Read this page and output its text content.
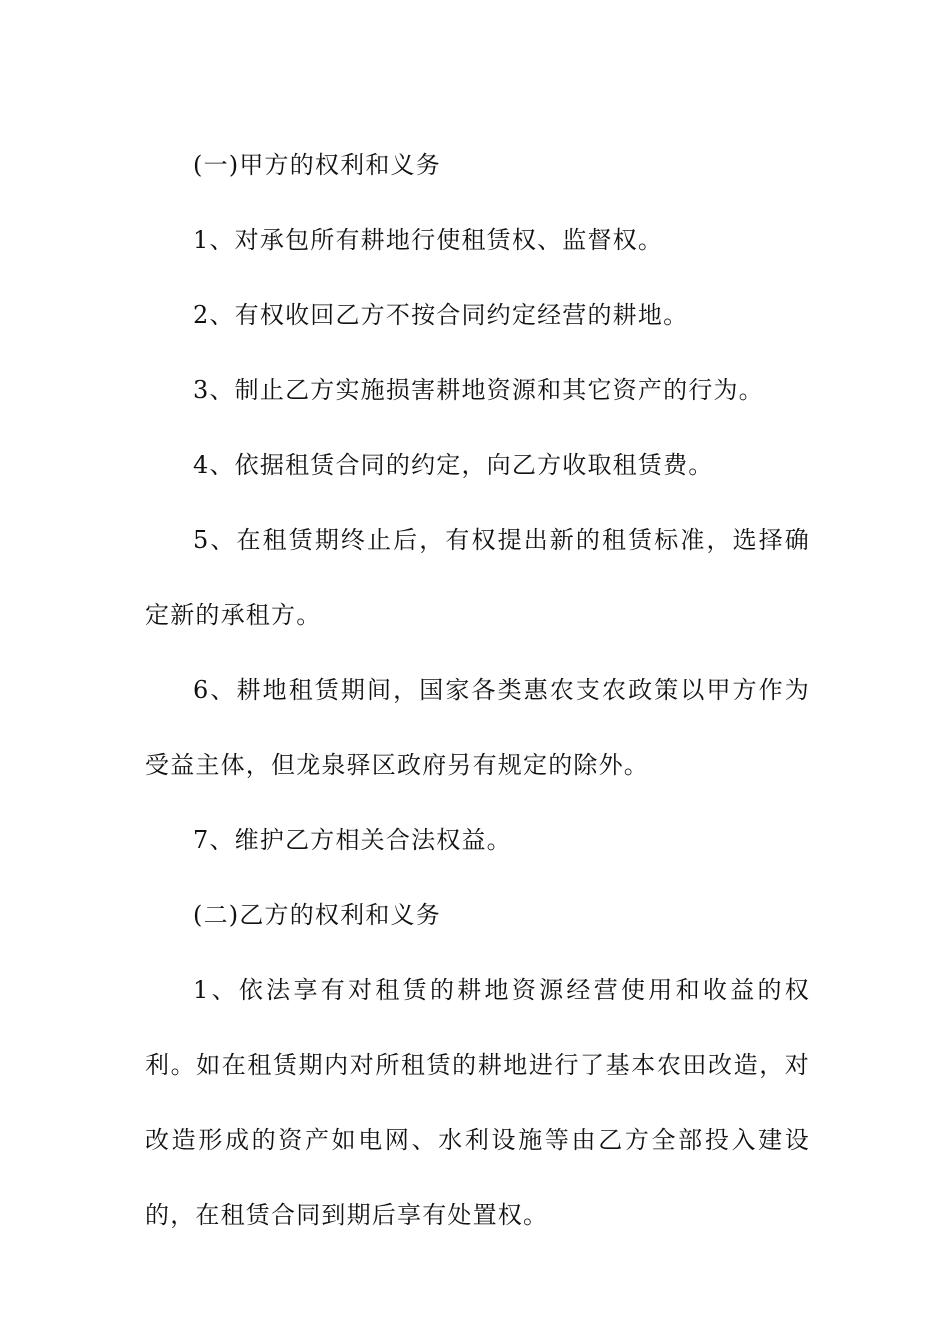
(一)甲方的权利和义务

1、对承包所有耕地行使租赁权、监督权。

2、有权收回乙方不按合同约定经营的耕地。

3、制止乙方实施损害耕地资源和其它资产的行为。

4、依据租赁合同的约定，向乙方收取租赁费。

5、在租赁期终止后，有权提出新的租赁标准，选择确定新的承租方。

6、耕地租赁期间，国家各类惠农支农政策以甲方作为受益主体，但龙泉驿区政府另有规定的除外。

7、维护乙方相关合法权益。

(二)乙方的权利和义务

1、依法享有对租赁的耕地资源经营使用和收益的权利。如在租赁期内对所租赁的耕地进行了基本农田改造，对改造形成的资产如电网、水利设施等由乙方全部投入建设的，在租赁合同到期后享有处置权。
